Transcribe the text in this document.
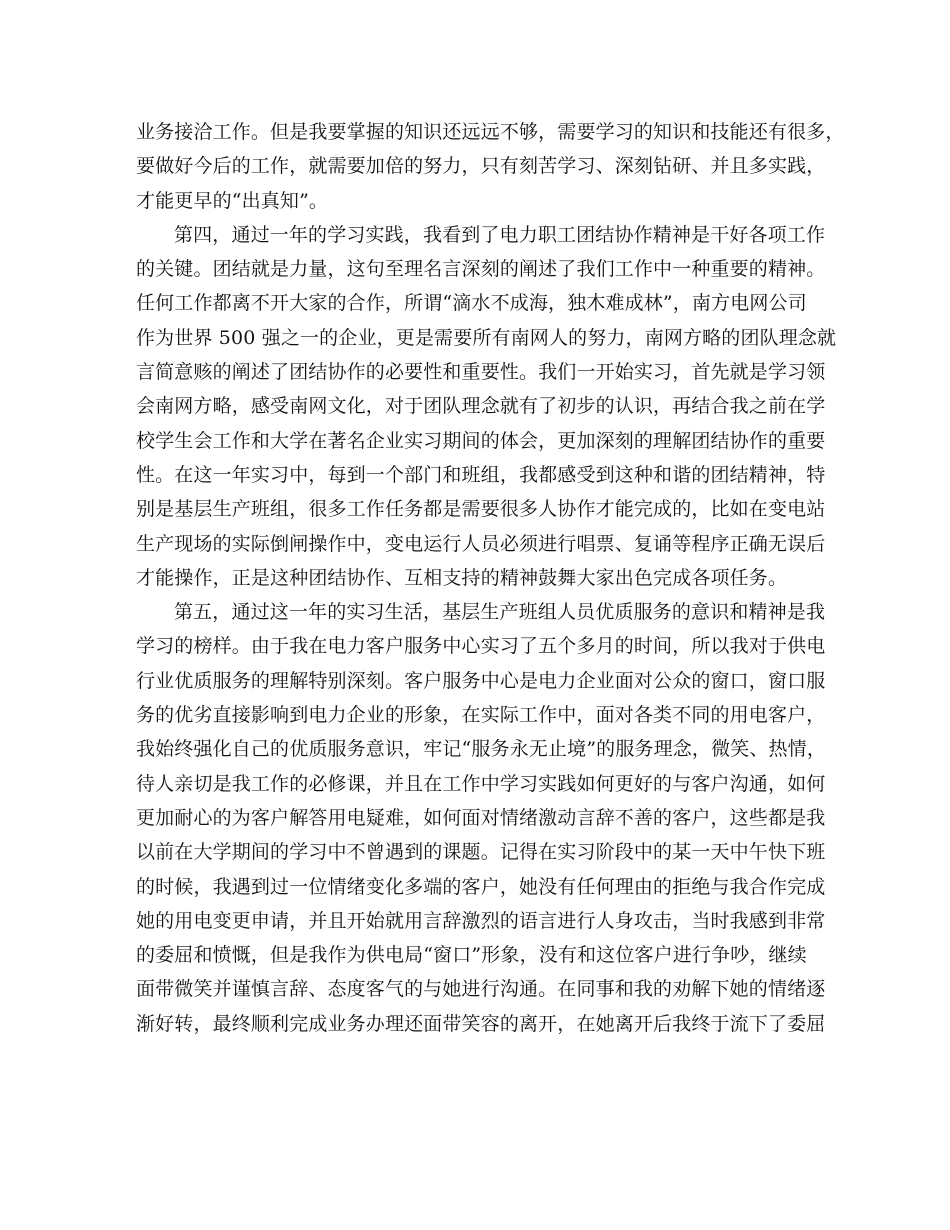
业务接洽工作。但是我要掌握的知识还远远不够，需要学习的知识和技能还有很多，
要做好今后的工作，就需要加倍的努力，只有刻苦学习、深刻钻研、并且多实践，
才能更早的“出真知”。
第四，通过一年的学习实践，我看到了电力职工团结协作精神是干好各项工作
的关键。团结就是力量，这句至理名言深刻的阐述了我们工作中一种重要的精神。
任何工作都离不开大家的合作，所谓“滴水不成海，独木难成林”，南方电网公司
作为世界 500 强之一的企业，更是需要所有南网人的努力，南网方略的团队理念就
言简意赅的阐述了团结协作的必要性和重要性。我们一开始实习，首先就是学习领
会南网方略，感受南网文化，对于团队理念就有了初步的认识，再结合我之前在学
校学生会工作和大学在著名企业实习期间的体会，更加深刻的理解团结协作的重要
性。在这一年实习中，每到一个部门和班组，我都感受到这种和谐的团结精神，特
别是基层生产班组，很多工作任务都是需要很多人协作才能完成的，比如在变电站
生产现场的实际倒闸操作中，变电运行人员必须进行唱票、复诵等程序正确无误后
才能操作，正是这种团结协作、互相支持的精神鼓舞大家出色完成各项任务。
第五，通过这一年的实习生活，基层生产班组人员优质服务的意识和精神是我
学习的榜样。由于我在电力客户服务中心实习了五个多月的时间，所以我对于供电
行业优质服务的理解特别深刻。客户服务中心是电力企业面对公众的窗口，窗口服
务的优劣直接影响到电力企业的形象，在实际工作中，面对各类不同的用电客户，
我始终强化自己的优质服务意识，牢记“服务永无止境”的服务理念，微笑、热情，
待人亲切是我工作的必修课，并且在工作中学习实践如何更好的与客户沟通，如何
更加耐心的为客户解答用电疑难，如何面对情绪激动言辞不善的客户，这些都是我
以前在大学期间的学习中不曾遇到的课题。记得在实习阶段中的某一天中午快下班
的时候，我遇到过一位情绪变化多端的客户，她没有任何理由的拒绝与我合作完成
她的用电变更申请，并且开始就用言辞激烈的语言进行人身攻击，当时我感到非常
的委屈和愤慨，但是我作为供电局“窗口”形象，没有和这位客户进行争吵，继续
面带微笑并谨慎言辞、态度客气的与她进行沟通。在同事和我的劝解下她的情绪逐
渐好转，最终顺利完成业务办理还面带笑容的离开，在她离开后我终于流下了委屈
